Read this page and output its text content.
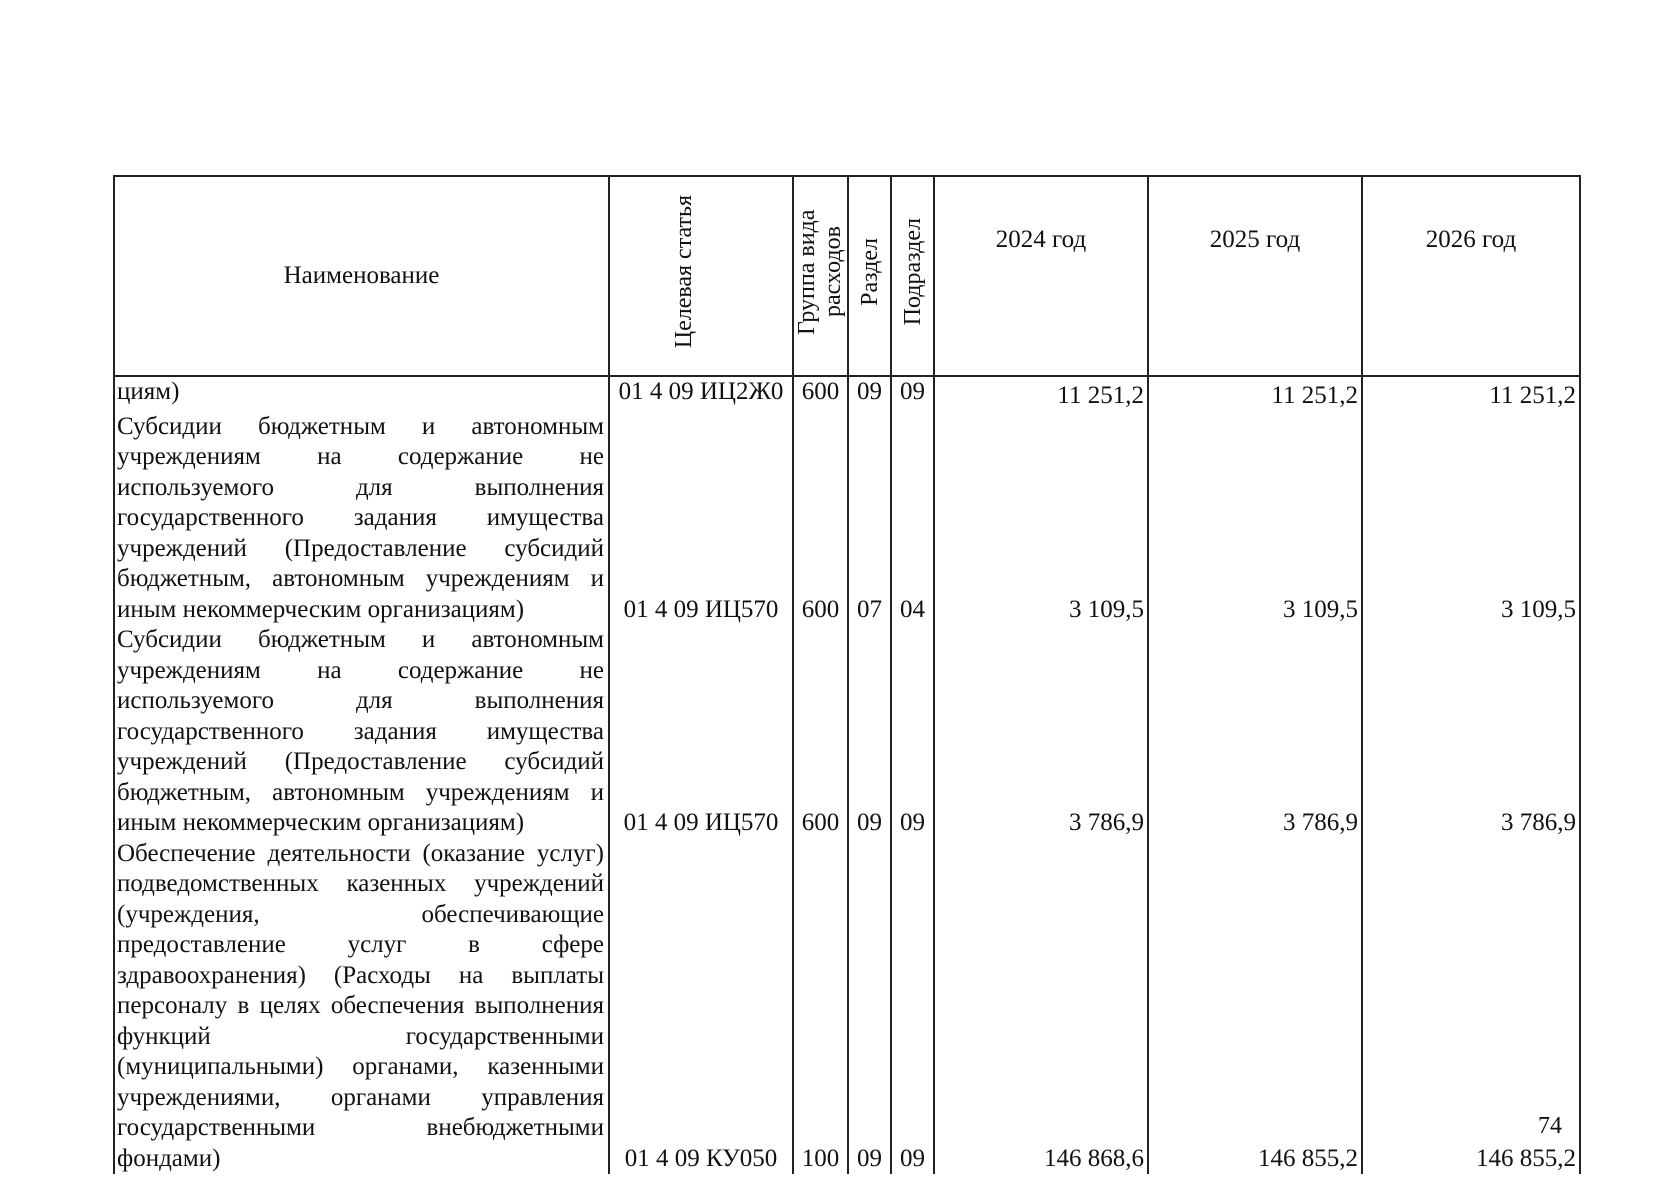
Наименование	Целевая статья	Группа вида расходов	Раздел	Подраздел	2024 год	2025 год	2026 год
циям)	01 4 09 ИЦ2Ж0	600	09	09	11 251,2	11 251,2	11 251,2
Субсидии бюджетным и автономным учреждениям на содержание не используемого для выполнения государственного задания имущества учреждений (Предоставление субсидий бюджетным, автономным учреждениям и иным некоммерческим организациям)	01 4 09 ИЦ570	600	07	04	3 109,5	3 109,5	3 109,5
Субсидии бюджетным и автономным учреждениям на содержание не используемого для выполнения государственного задания имущества учреждений (Предоставление субсидий бюджетным, автономным учреждениям и иным некоммерческим организациям)	01 4 09 ИЦ570	600	09	09	3 786,9	3 786,9	3 786,9
Обеспечение деятельности (оказание услуг) подведомственных казенных учреждений (учреждения, обеспечивающие предоставление услуг в сфере здравоохранения) (Расходы на выплаты персоналу в целях обеспечения выполнения функций государственными (муниципальными) органами, казенными учреждениями, органами управления государственными внебюджетными фондами)	01 4 09 КУ050	100	09	09	146 868,6	146 855,2	146 855,2
74
